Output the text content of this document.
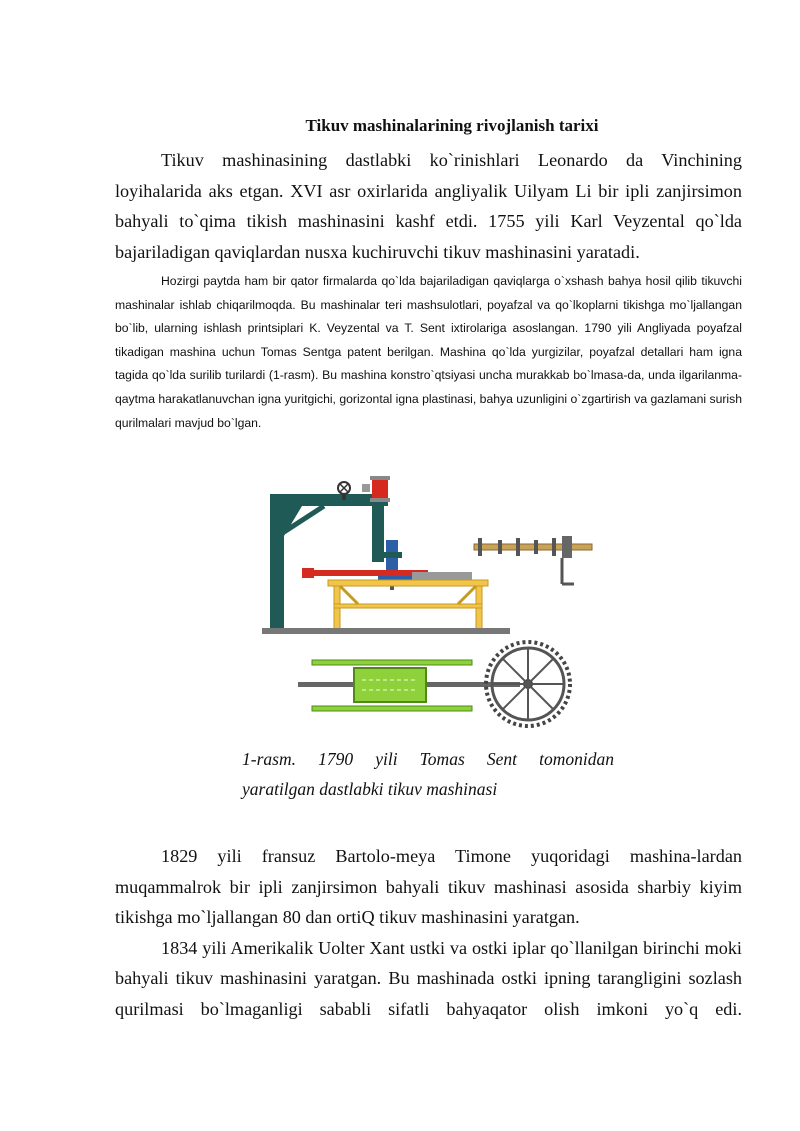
Tikuv mashinalarining rivojlanish tarixi

Tikuv mashinasining dastlabki ko`rinishlari Leonardo da Vinchining loyihalarida aks etgan. XVI asr oxirlarida angliyalik Uilyam Li bir ipli zanjirsimon bahyali to`qima tikish mashinasini kashf etdi. 1755 yili Karl Veyzental qo`lda bajariladigan qaviqlardan nusxa kuchiruvchi tikuv mashinasini yaratadi.

Hozirgi paytda ham bir qator firmalarda qo`lda bajariladigan qaviqlarga o`xshash bahya hosil qilib tikuvchi mashinalar ishlab chiqarilmoqda. Bu mashinalar teri mashsulotlari, poyafzal va qo`lkoplarni tikishga mo`ljallangan bo`lib, ularning ishlash printsiplari K. Veyzental va T. Sent ixtirolariga asoslangan. 1790 yili Angliyada poyafzal tikadigan mashina uchun Tomas Sentga patent berilgan. Mashina qo`lda yurgizilar, poyafzal detallari ham igna tagida qo`lda surilib turilardi (1-rasm). Bu mashina konstro`qtsiyasi uncha murakkab bo`lmasa-da, unda ilgarilanma-qaytma harakatlanuvchan igna yuritgichi, gorizontal igna plastinasi, bahya uzunligini o`zgartirish va gazlamani surish qurilmalari mavjud bo`lgan.

1-rasm. 1790 yili Tomas Sent tomonidan
yaratilgan dastlabki tikuv mashinasi

1829 yili fransuz Bartolo-meya Timone yuqoridagi mashina-lardan muqammalrok bir ipli zanjirsimon bahyali tikuv mashinasi asosida sharbiy kiyim tikishga mo`ljallangan 80 dan ortiQ tikuv mashinasini yaratgan.

1834 yili Amerikalik Uolter Xant ustki va ostki iplar qo`llanilgan birinchi moki bahyali tikuv mashinasini yaratgan. Bu mashinada ostki ipning tarangligini sozlash qurilmasi bo`lmaganligi sababli sifatli bahyaqator olish imkoni yo`q edi.
